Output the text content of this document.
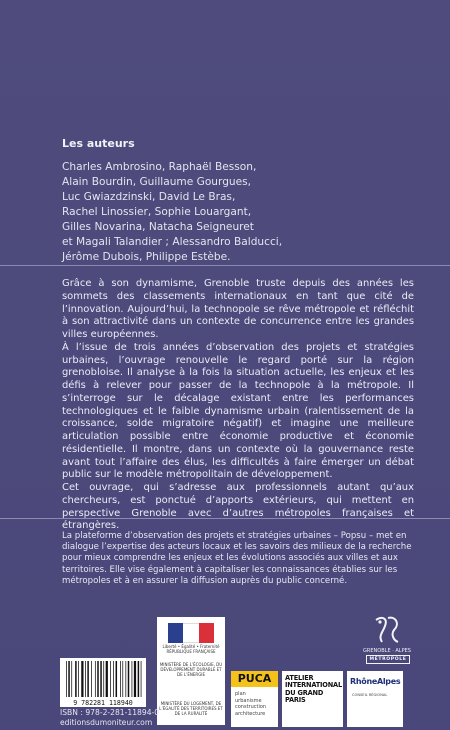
Les auteurs
Charles Ambrosino, Raphaël Besson,
Alain Bourdin, Guillaume Gourgues,
Luc Gwiazdzinski, David Le Bras,
Rachel Linossier, Sophie Louargant,
Gilles Novarina, Natacha Seigneuret
et Magali Talandier ; Alessandro Balducci,
Jérôme Dubois, Philippe Estèbe.

Grâce à son dynamisme, Grenoble truste depuis des années les sommets des classements internationaux en tant que cité de l’innovation. Aujourd’hui, la technopole se rêve métropole et réfléchit à son attractivité dans un contexte de concurrence entre les grandes villes européennes.

À l’issue de trois années d’observation des projets et stratégies urbaines, l’ouvrage renouvelle le regard porté sur la région grenobloise. Il analyse à la fois la situation actuelle, les enjeux et les défis à relever pour passer de la technopole à la métropole. Il s’interroge sur le décalage existant entre les performances technologiques et le faible dynamisme urbain (ralentissement de la croissance, solde migratoire négatif) et imagine une meilleure articulation possible entre économie productive et économie résidentielle. Il montre, dans un contexte où la gouvernance reste avant tout l’affaire des élus, les difficultés à faire émerger un débat public sur le modèle métropolitain de développement.

Cet ouvrage, qui s’adresse aux professionnels autant qu’aux chercheurs, est ponctué d’apports extérieurs, qui mettent en perspective Grenoble avec d’autres métropoles françaises et étrangères.

La plateforme d’observation des projets et stratégies urbaines – Popsu – met en dialogue l’expertise des acteurs locaux et les savoirs des milieux de la recherche pour mieux comprendre les enjeux et les évolutions associés aux villes et aux territoires. Elle vise également à capitaliser les connaissances établies sur les métropoles et à en assurer la diffusion auprès du public concerné.

GRENOBLE · ALPES
MÉTROPOLE
Liberté • Égalité • Fraternité RÉPUBLIQUE FRANÇAISE
MINISTÈRE DE L’ÉCOLOGIE, DU DÉVELOPPEMENT DURABLE ET DE L’ÉNERGIE
MINISTÈRE DU LOGEMENT, DE L’ÉGALITÉ DES TERRITOIRES ET DE LA RURALITÉ
9 782281 118940
ISBN : 978-2-281-11894-0
editionsdumoniteur.com
PUCA
plan
urbanisme
construction
architecture
ATELIER
INTERNATIONAL
DU GRAND
PARIS
RhôneAlpes
CONSEIL RÉGIONAL
